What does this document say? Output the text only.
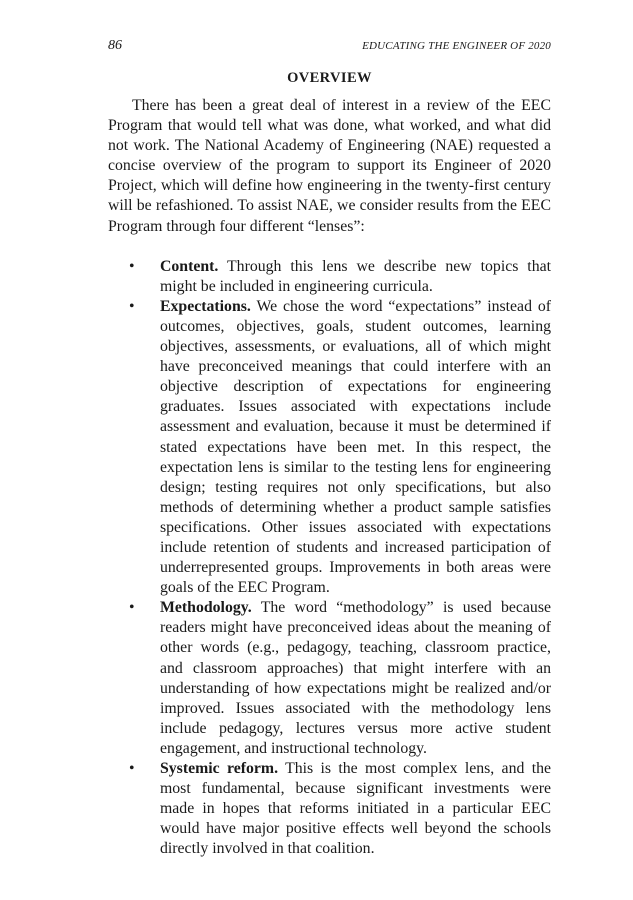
86	EDUCATING THE ENGINEER OF 2020
OVERVIEW

There has been a great deal of interest in a review of the EEC Program that would tell what was done, what worked, and what did not work. The National Academy of Engineering (NAE) requested a concise overview of the program to support its Engineer of 2020 Project, which will define how engineering in the twenty-first century will be refashioned. To assist NAE, we consider results from the EEC Program through four different “lenses”:

• Content. Through this lens we describe new topics that might be included in engineering curricula.
• Expectations. We chose the word “expectations” instead of outcomes, objectives, goals, student outcomes, learning objectives, assessments, or evaluations, all of which might have preconceived meanings that could interfere with an objective description of expectations for engineering graduates. Issues associated with expectations include assessment and evaluation, because it must be determined if stated expectations have been met. In this respect, the expectation lens is similar to the testing lens for engineering design; testing requires not only specifications, but also methods of determining whether a product sample satisfies specifications. Other issues associated with expectations include retention of students and increased participation of underrepresented groups. Improvements in both areas were goals of the EEC Program.
• Methodology. The word “methodology” is used because readers might have preconceived ideas about the meaning of other words (e.g., pedagogy, teaching, classroom practice, and classroom approaches) that might interfere with an understanding of how expectations might be realized and/or improved. Issues associated with the methodology lens include pedagogy, lectures versus more active student engagement, and instructional technology.
• Systemic reform. This is the most complex lens, and the most fundamental, because significant investments were made in hopes that reforms initiated in a particular EEC would have major positive effects well beyond the schools directly involved in that coalition.
